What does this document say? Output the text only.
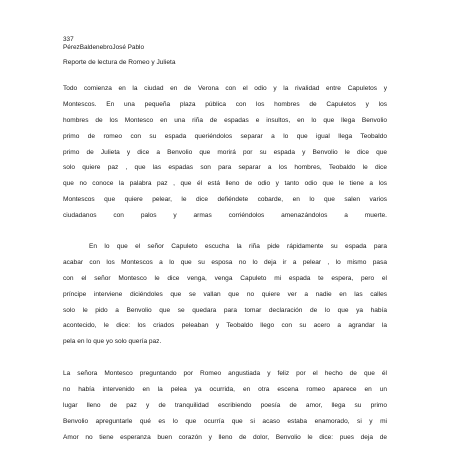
337

PérezBaldenebroJosé Pablo

Reporte de lectura de Romeo y Julieta

Todo comienza en la ciudad en de Verona con el odio y la rivalidad entre Capuletos y
Montescos. En una pequeña plaza pública con los hombres de Capuletos y los
hombres de los Montesco en una riña de espadas e insultos, en lo que llega Benvolio
primo de romeo con su espada queriéndolos separar a lo que igual llega Teobaldo
primo de Julieta y dice a Benvolio que morirá por su espada y Benvolio le dice que
solo quiere paz , que las espadas son para separar a los hombres, Teobaldo le dice
que no conoce la palabra paz , que él está lleno de odio y tanto odio que le tiene a los
Montescos que quiere pelear, le dice defiéndete cobarde, en lo que salen varios
ciudadanos con palos y armas corriéndolos amenazándolos a muerte.
En lo que el señor Capuleto escucha la riña pide rápidamente su espada para
acabar con los Montescos a lo que su esposa no lo deja ir a pelear , lo mismo pasa
con el señor Montesco le dice venga, venga Capuleto mi espada te espera, pero el
príncipe interviene diciéndoles que se vallan que no quiere ver a nadie en las calles
solo le pido a Benvolio que se quedara para tomar declaración de lo que ya había
acontecido, le dice: los criados peleaban y Teobaldo llego con su acero a agrandar la
pela en lo que yo solo quería paz.
La señora Montesco preguntando por Romeo angustiada y feliz por el hecho de que él
no había intervenido en la pelea ya ocurrida, en otra escena romeo aparece en un
lugar lleno de paz y de tranquilidad escribiendo poesía de amor, llega su primo
Benvolio apreguntarle qué es lo que ocurría que si acaso estaba enamorado, si y mi
Amor no tiene esperanza buen corazón y lleno de dolor, Benvolio le dice: pues deja de
